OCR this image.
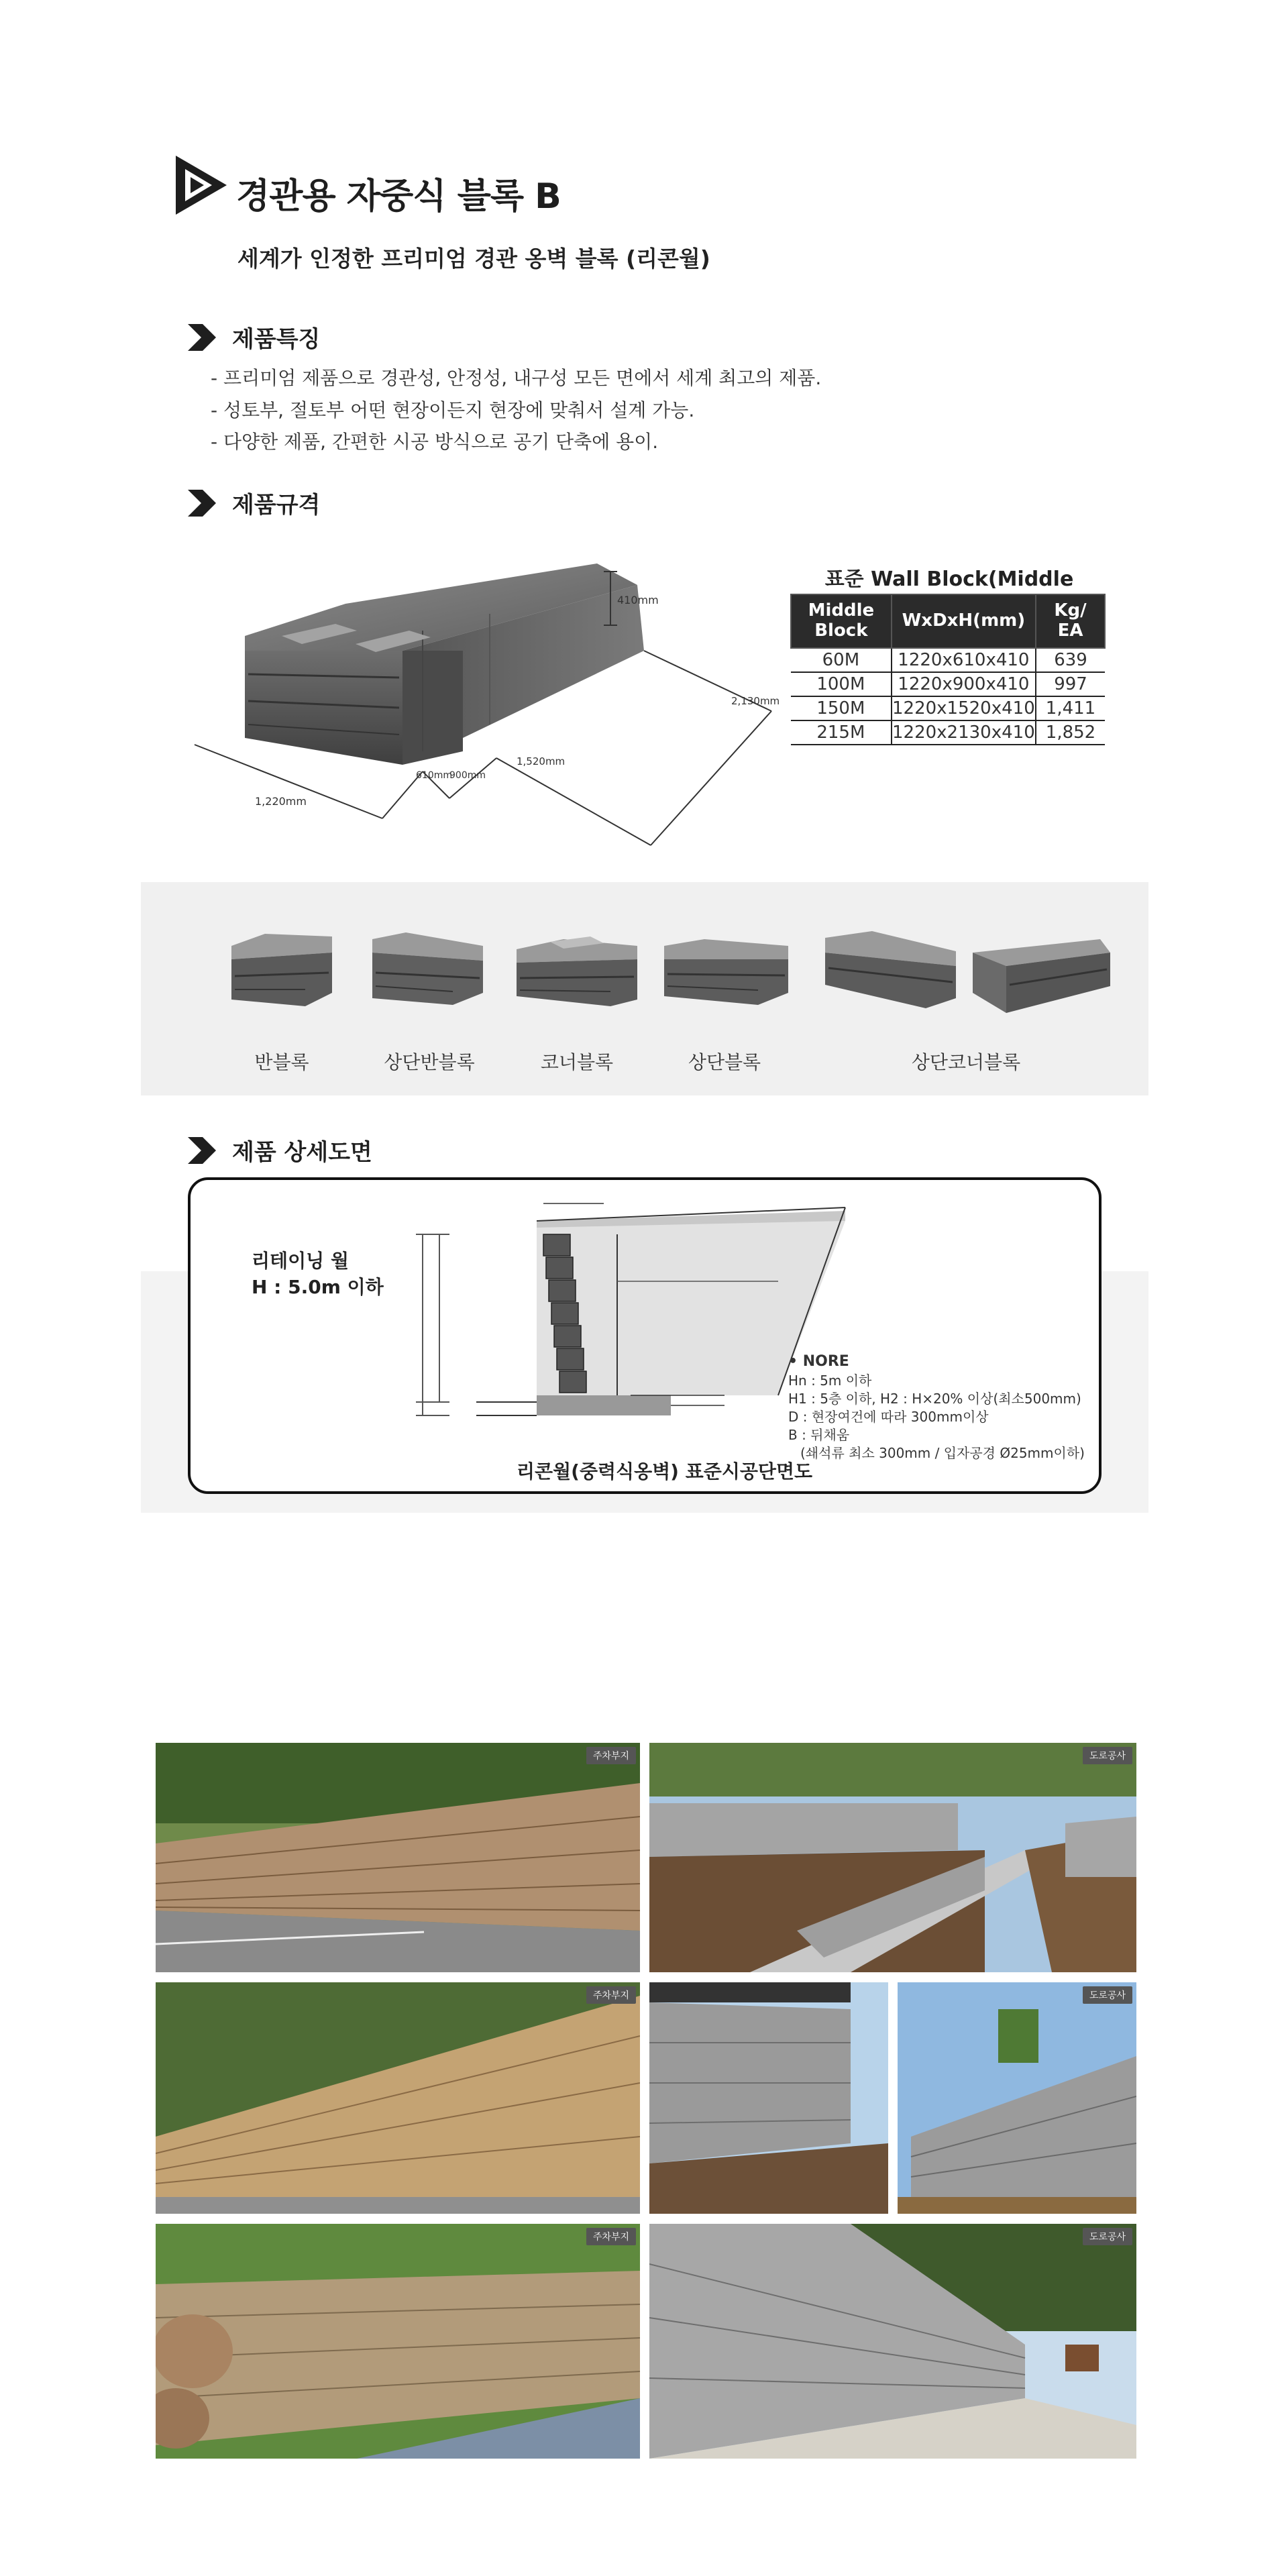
경관용 자중식 블록 B
세계가 인정한 프리미엄 경관 옹벽 블록 (리콘월)
제품특징
- 프리미엄 제품으로 경관성, 안정성, 내구성 모든 면에서 세계 최고의 제품.
- 성토부, 절토부 어떤 현장이든지 현장에 맞춰서 설계 가능.
- 다양한 제품, 간편한 시공 방식으로 공기 단축에 용이.
제품규격
410mm
1,220mm
610mm
900mm
1,520mm
2,130mm
표준 Wall Block(Middle
Middle Block	WxDxH(mm)	Kg/ EA
60M	1220x610x410	639
100M	1220x900x410	997
150M	1220x1520x410	1,411
215M	1220x2130x410	1,852
반블록	상단반블록	코너블록	상단블록	상단코너블록
제품 상세도면
리테이닝 월
H : 5.0m 이하
• NORE
Hn : 5m 이하
H1 : 5층 이하, H2 : H×20% 이상(최소500mm)
D : 현장여건에 따라 300mm이상
B : 뒤채움
(쇄석류 최소 300mm / 입자공경 Ø25mm이하)
리콘월(중력식옹벽) 표준시공단면도
주차부지	도로공사
주차부지	도로공사
주차부지	도로공사
